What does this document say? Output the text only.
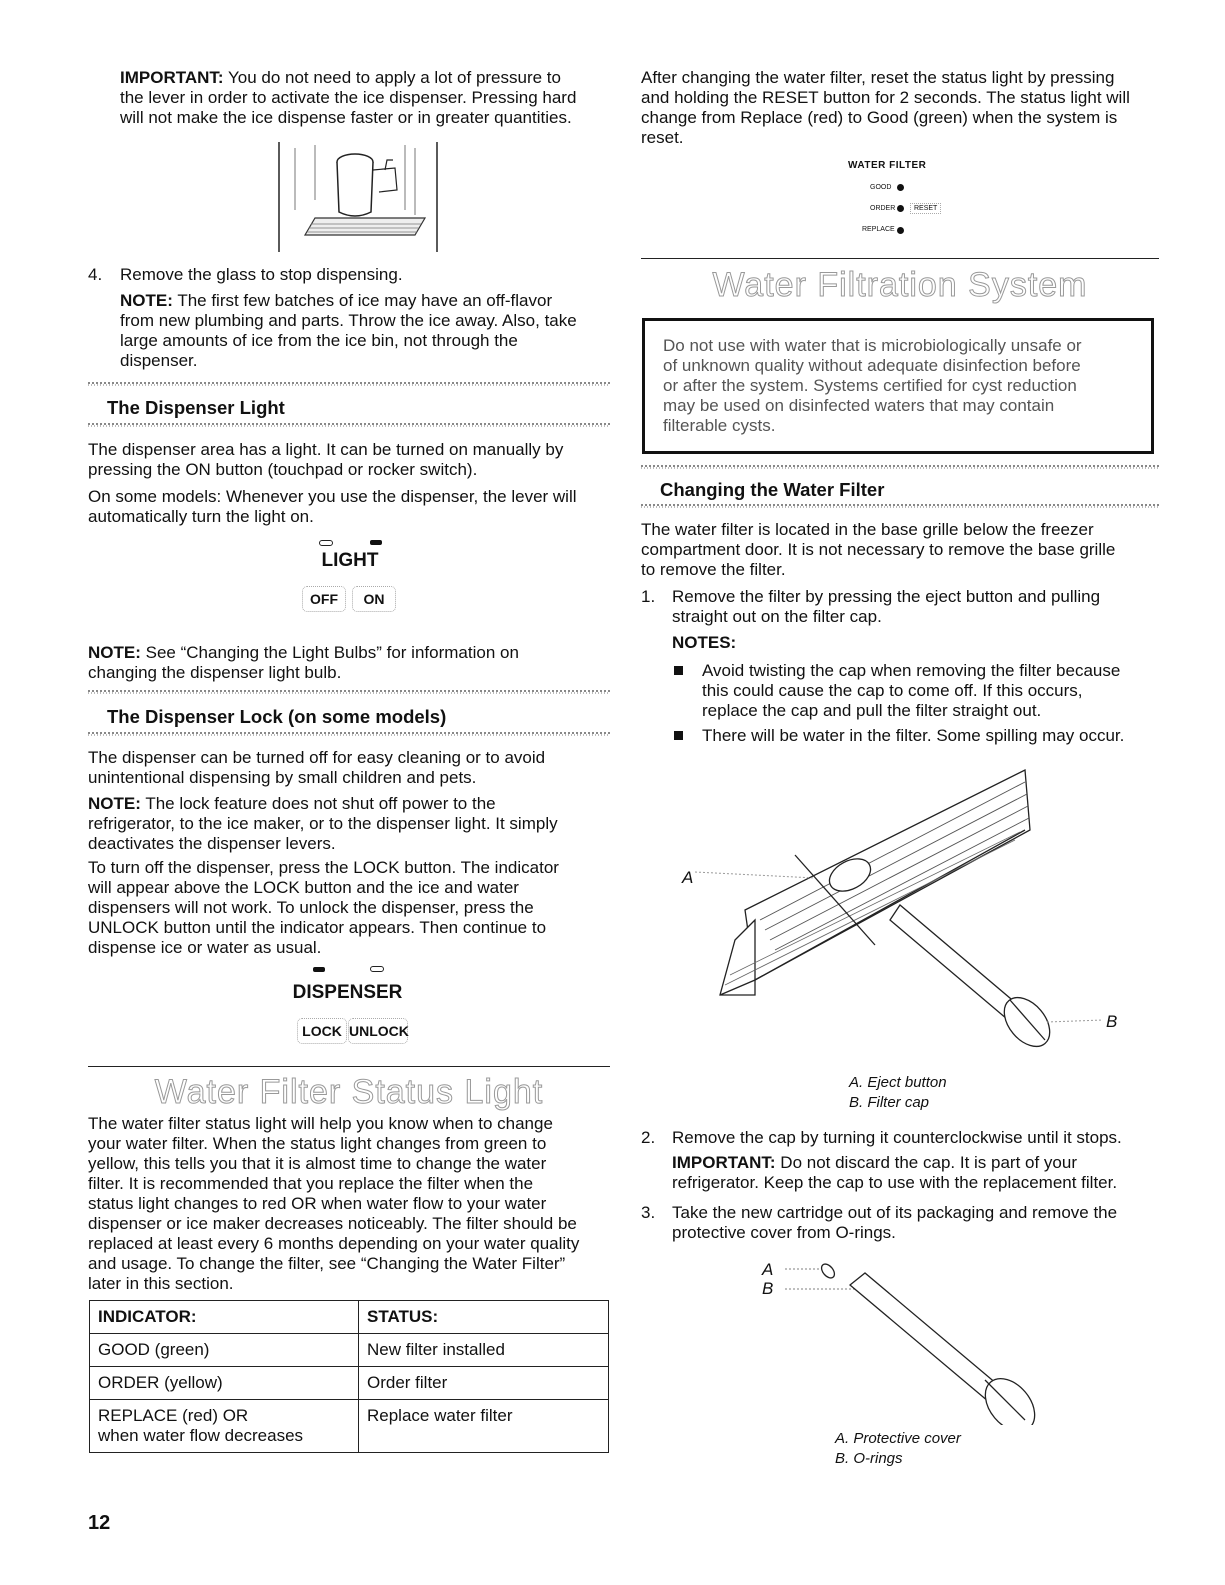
IMPORTANT: You do not need to apply a lot of pressure to
the lever in order to activate the ice dispenser. Pressing hard
will not make the ice dispense faster or in greater quantities.
4. Remove the glass to stop dispensing.
NOTE: The first few batches of ice may have an off-flavor
from new plumbing and parts. Throw the ice away. Also, take
large amounts of ice from the ice bin, not through the
dispenser.
The Dispenser Light
The dispenser area has a light. It can be turned on manually by
pressing the ON button (touchpad or rocker switch).
On some models: Whenever you use the dispenser, the lever will
automatically turn the light on.
LIGHT
OFF	ON
NOTE: See “Changing the Light Bulbs” for information on
changing the dispenser light bulb.
The Dispenser Lock (on some models)
The dispenser can be turned off for easy cleaning or to avoid
unintentional dispensing by small children and pets.
NOTE: The lock feature does not shut off power to the
refrigerator, to the ice maker, or to the dispenser light. It simply
deactivates the dispenser levers.
To turn off the dispenser, press the LOCK button. The indicator
will appear above the LOCK button and the ice and water
dispensers will not work. To unlock the dispenser, press the
UNLOCK button until the indicator appears. Then continue to
dispense ice or water as usual.
DISPENSER
LOCK UNLOCK
Water Filter Status Light
The water filter status light will help you know when to change
your water filter. When the status light changes from green to
yellow, this tells you that it is almost time to change the water
filter. It is recommended that you replace the filter when the
status light changes to red OR when water flow to your water
dispenser or ice maker decreases noticeably. The filter should be
replaced at least every 6 months depending on your water quality
and usage. To change the filter, see “Changing the Water Filter”
later in this section.
INDICATOR:	STATUS:
GOOD (green)	New filter installed
ORDER (yellow)	Order filter

REPLACE (red) OR
when water flow decreases	Replace water filter
12
After changing the water filter, reset the status light by pressing
and holding the RESET button for 2 seconds. The status light will
change from Replace (red) to Good (green) when the system is
reset.
WATER FILTER
GOOD
ORDER	RESET
REPLACE
Water Filtration System
Do not use with water that is microbiologically unsafe or
of unknown quality without adequate disinfection before
or after the system. Systems certified for cyst reduction
may be used on disinfected waters that may contain
filterable cysts.
Changing the Water Filter
The water filter is located in the base grille below the freezer
compartment door. It is not necessary to remove the base grille
to remove the filter.
1. Remove the filter by pressing the eject button and pulling
straight out on the filter cap.
NOTES:
Avoid twisting the cap when removing the filter because
this could cause the cap to come off. If this occurs,
replace the cap and pull the filter straight out.
There will be water in the filter. Some spilling may occur.
A
B
A. Eject button
B. Filter cap
2. Remove the cap by turning it counterclockwise until it stops.
IMPORTANT: Do not discard the cap. It is part of your
refrigerator. Keep the cap to use with the replacement filter.
3. Take the new cartridge out of its packaging and remove the
protective cover from O-rings.
A
B
A. Protective cover
B. O-rings
